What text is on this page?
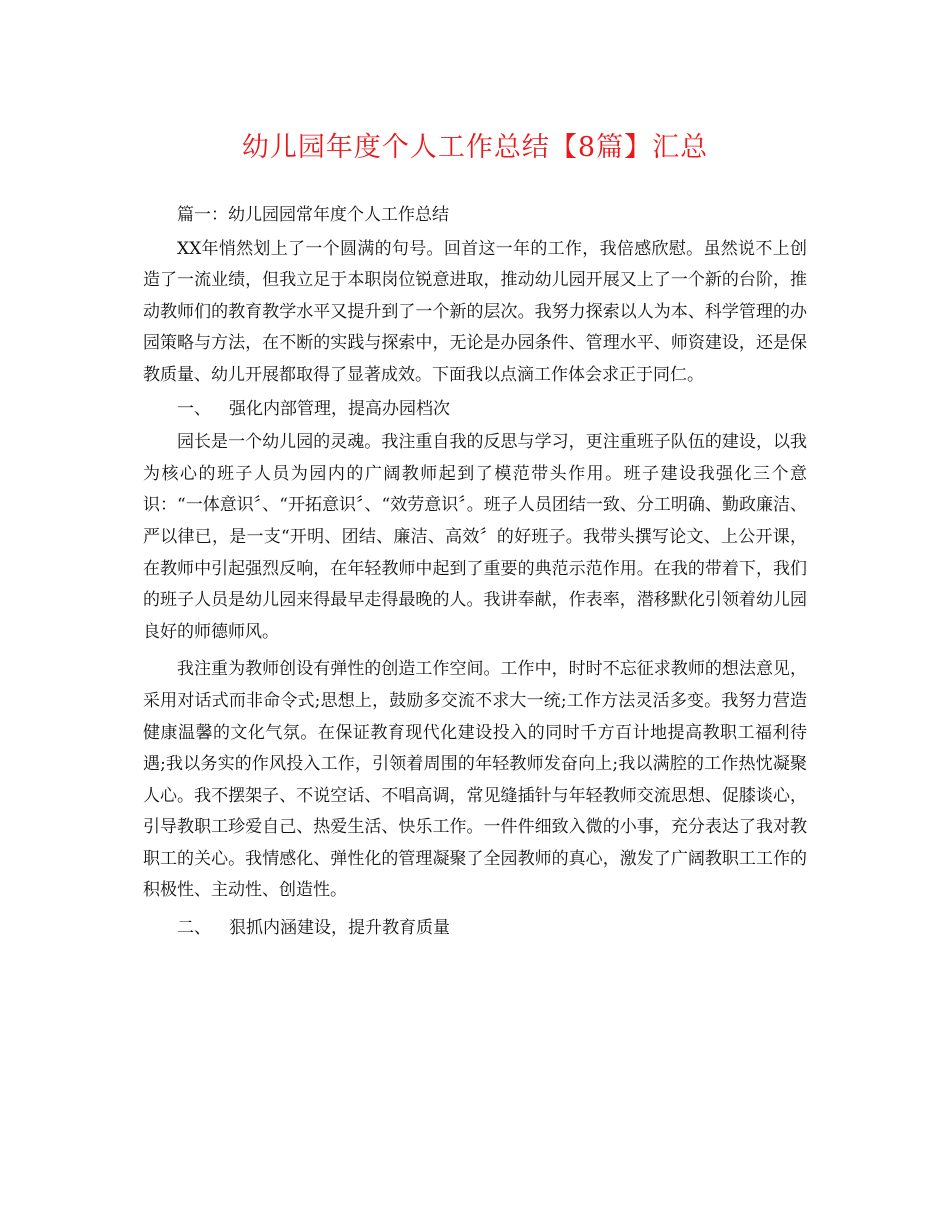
幼儿园年度个人工作总结【8篇】汇总

篇一：幼儿园园常年度个人工作总结

XX年悄然划上了一个圆满的句号。回首这一年的工作，我倍感欣慰。虽然说不上创造了一流业绩，但我立足于本职岗位锐意进取，推动幼儿园开展又上了一个新的台阶，推动教师们的教育教学水平又提升到了一个新的层次。我努力探索以人为本、科学管理的办园策略与方法，在不断的实践与探索中，无论是办园条件、管理水平、师资建设，还是保教质量、幼儿开展都取得了显著成效。下面我以点滴工作体会求正于同仁。

一、 强化内部管理，提高办园档次

园长是一个幼儿园的灵魂。我注重自我的反思与学习，更注重班子队伍的建设，以我为核心的班子人员为园内的广阔教师起到了模范带头作用。班子建设我强化三个意识：“一体意识〞、“开拓意识〞、“效劳意识〞。班子人员团结一致、分工明确、勤政廉洁、严以律已，是一支“开明、团结、廉洁、高效〞的好班子。我带头撰写论文、上公开课，在教师中引起强烈反响，在年轻教师中起到了重要的典范示范作用。在我的带着下，我们的班子人员是幼儿园来得最早走得最晚的人。我讲奉献，作表率，潜移默化引领着幼儿园良好的师德师风。

我注重为教师创设有弹性的创造工作空间。工作中，时时不忘征求教师的想法意见，采用对话式而非命令式;思想上，鼓励多交流不求大一统;工作方法灵活多变。我努力营造健康温馨的文化气氛。在保证教育现代化建设投入的同时千方百计地提高教职工福利待遇;我以务实的作风投入工作，引领着周围的年轻教师发奋向上;我以满腔的工作热忱凝聚人心。我不摆架子、不说空话、不唱高调，常见缝插针与年轻教师交流思想、促膝谈心，引导教职工珍爱自己、热爱生活、快乐工作。一件件细致入微的小事，充分表达了我对教职工的关心。我情感化、弹性化的管理凝聚了全园教师的真心，激发了广阔教职工工作的积极性、主动性、创造性。

二、 狠抓内涵建设，提升教育质量
